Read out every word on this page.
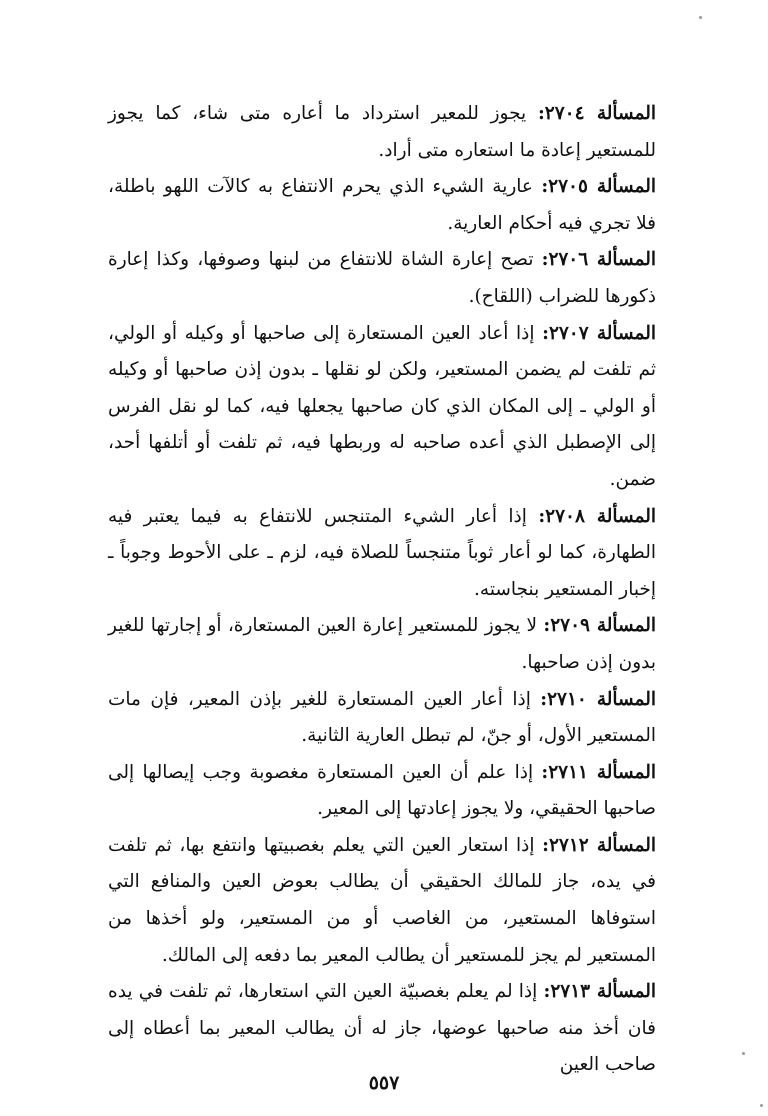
المسألة ٢٧٠٤: يجوز للمعير استرداد ما أعاره متى شاء، كما يجوز للمستعير إعادة ما استعاره متى أراد.

المسألة ٢٧٠٥: عارية الشيء الذي يحرم الانتفاع به كالآت اللهو باطلة، فلا تجري فيه أحكام العارية.

المسألة ٢٧٠٦: تصح إعارة الشاة للانتفاع من لبنها وصوفها، وكذا إعارة ذكورها للضراب (اللقاح).

المسألة ٢٧٠٧: إذا أعاد العين المستعارة إلى صاحبها أو وكيله أو الولي، ثم تلفت لم يضمن المستعير، ولكن لو نقلها ـ بدون إذن صاحبها أو وكيله أو الولي ـ إلى المكان الذي كان صاحبها يجعلها فيه، كما لو نقل الفرس إلى الإصطبل الذي أعده صاحبه له وربطها فيه، ثم تلفت أو أتلفها أحد، ضمن.

المسألة ٢٧٠٨: إذا أعار الشيء المتنجس للانتفاع به فيما يعتبر فيه الطهارة، كما لو أعار ثوباً متنجساً للصلاة فيه، لزم ـ على الأحوط وجوباً ـ إخبار المستعير بنجاسته.

المسألة ٢٧٠٩: لا يجوز للمستعير إعارة العين المستعارة، أو إجارتها للغير بدون إذن صاحبها.

المسألة ٢٧١٠: إذا أعار العين المستعارة للغير بإذن المعير، فإن مات المستعير الأول، أو جنّ، لم تبطل العارية الثانية.

المسألة ٢٧١١: إذا علم أن العين المستعارة مغصوبة وجب إيصالها إلى صاحبها الحقيقي، ولا يجوز إعادتها إلى المعير.

المسألة ٢٧١٢: إذا استعار العين التي يعلم بغصبيتها وانتفع بها، ثم تلفت في يده، جاز للمالك الحقيقي أن يطالب بعوض العين والمنافع التي استوفاها المستعير، من الغاصب أو من المستعير، ولو أخذها من المستعير لم يجز للمستعير أن يطالب المعير بما دفعه إلى المالك.

المسألة ٢٧١٣: إذا لم يعلم بغصبيّة العين التي استعارها، ثم تلفت في يده فان أخذ منه صاحبها عوضها، جاز له أن يطالب المعير بما أعطاه إلى صاحب العين

٥٥٧
